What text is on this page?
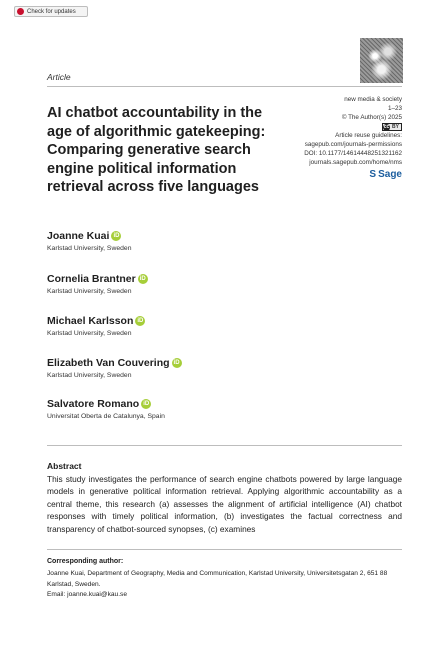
Check for updates
Article
AI chatbot accountability in the age of algorithmic gatekeeping: Comparing generative search engine political information retrieval across five languages
new media & society
1–23
© The Author(s) 2025
cc BY
Article reuse guidelines:
sagepub.com/journals-permissions
DOI: 10.1177/14614448251321162
journals.sagepub.com/home/nms
S Sage
Joanne Kuai iD
Karlstad University, Sweden
Cornelia Brantner iD
Karlstad University, Sweden
Michael Karlsson iD
Karlstad University, Sweden
Elizabeth Van Couvering iD
Karlstad University, Sweden
Salvatore Romano iD
Universitat Oberta de Catalunya, Spain
Abstract

This study investigates the performance of search engine chatbots powered by large language models in generative political information retrieval. Applying algorithmic accountability as a central theme, this research (a) assesses the alignment of artificial intelligence (AI) chatbot responses with timely political information, (b) investigates the factual correctness and transparency of chatbot-sourced synopses, (c) examines

Corresponding author:
Joanne Kuai, Department of Geography, Media and Communication, Karlstad University, Universitetsgatan 2, 651 88 Karlstad, Sweden.
Email: joanne.kuai@kau.se
